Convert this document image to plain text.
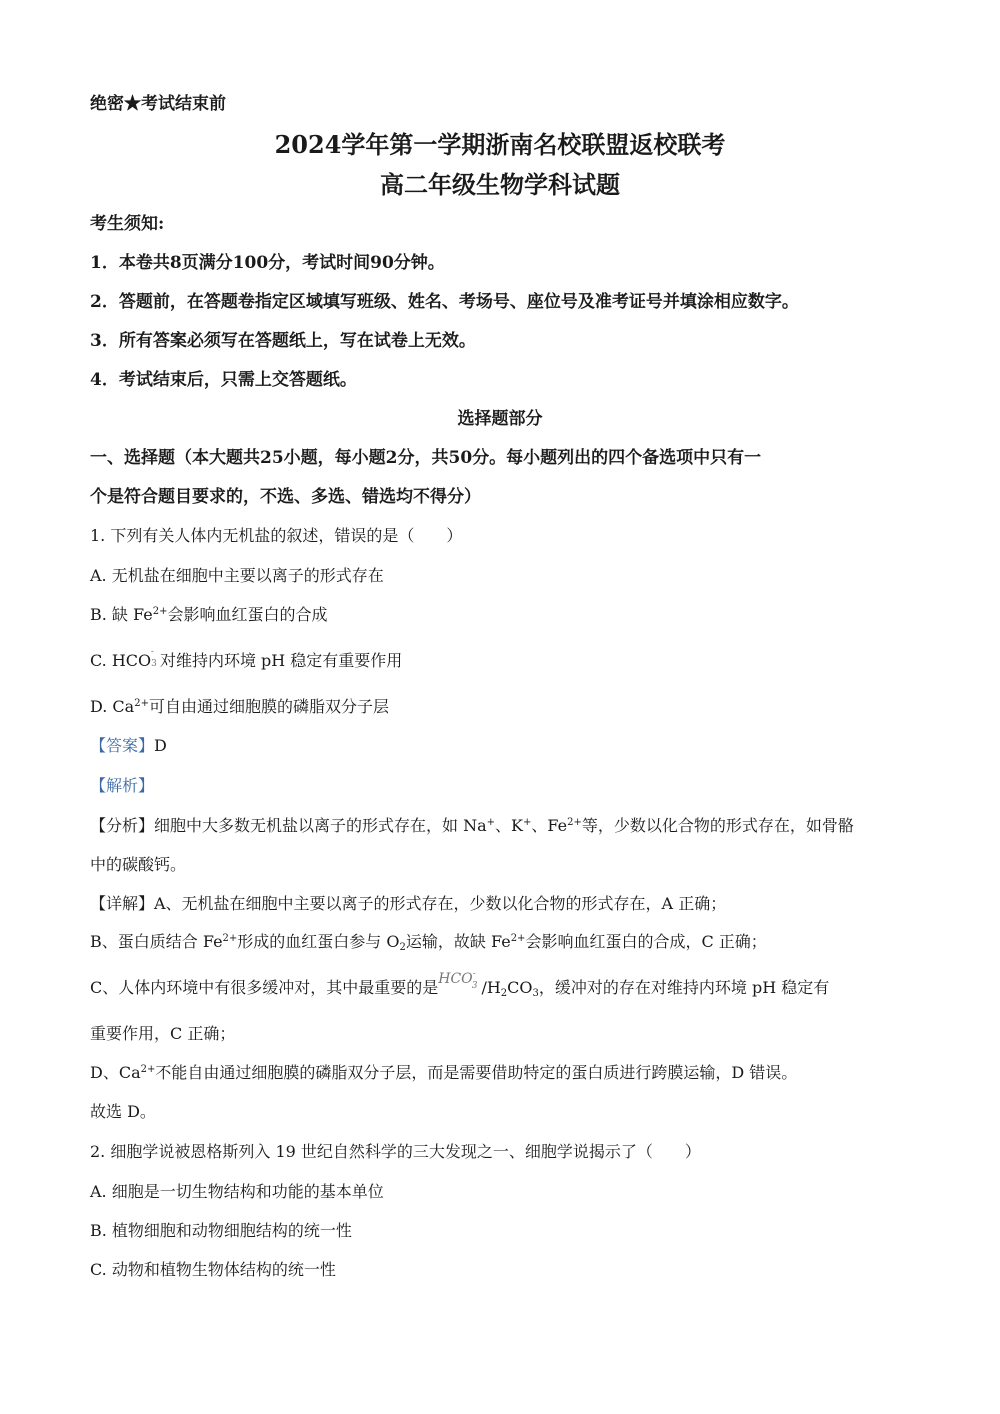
绝密★考试结束前
2024学年第一学期浙南名校联盟返校联考
高二年级生物学科试题
考生须知:
1．本卷共8页满分100分，考试时间90分钟。
2．答题前，在答题卷指定区域填写班级、姓名、考场号、座位号及准考证号并填涂相应数字。
3．所有答案必须写在答题纸上，写在试卷上无效。
4．考试结束后，只需上交答题纸。
选择题部分
一、选择题（本大题共25小题，每小题2分，共50分。每小题列出的四个备选项中只有一
个是符合题目要求的，不选、多选、错选均不得分）
1. 下列有关人体内无机盐的叙述，错误的是（　　）
A. 无机盐在细胞中主要以离子的形式存在
B. 缺 $Fe^{2+}$会影响血红蛋白的合成
C. HCO3- 对维持内环境 pH 稳定有重要作用
D. $Ca^{2+}$可自由通过细胞膜的磷脂双分子层
【答案】D
【解析】
【分析】细胞中大多数无机盐以离子的形式存在，如 Na+、K+、$Fe^{2+}$等，少数以化合物的形式存在，如骨骼
中的碳酸钙。
【详解】A、无机盐在细胞中主要以离子的形式存在，少数以化合物的形式存在，A 正确；
B、蛋白质结合 $Fe^{2+}$形成的血红蛋白参与 $O_2$运输，故缺 $Fe^{2+}$会影响血红蛋白的合成，C 正确；
C、人体内环境中有很多缓冲对，其中最重要的是$HCO^-_3$ $/H_2CO_3$，缓冲对的存在对维持内环境 pH 稳定有
重要作用，C 正确；
D、$Ca^{2+}$不能自由通过细胞膜的磷脂双分子层，而是需要借助特定的蛋白质进行跨膜运输，D 错误。
故选 D。
2. 细胞学说被恩格斯列入 19 世纪自然科学的三大发现之一、细胞学说揭示了（　　）
A. 细胞是一切生物结构和功能的基本单位
B. 植物细胞和动物细胞结构的统一性
C. 动物和植物生物体结构的统一性
